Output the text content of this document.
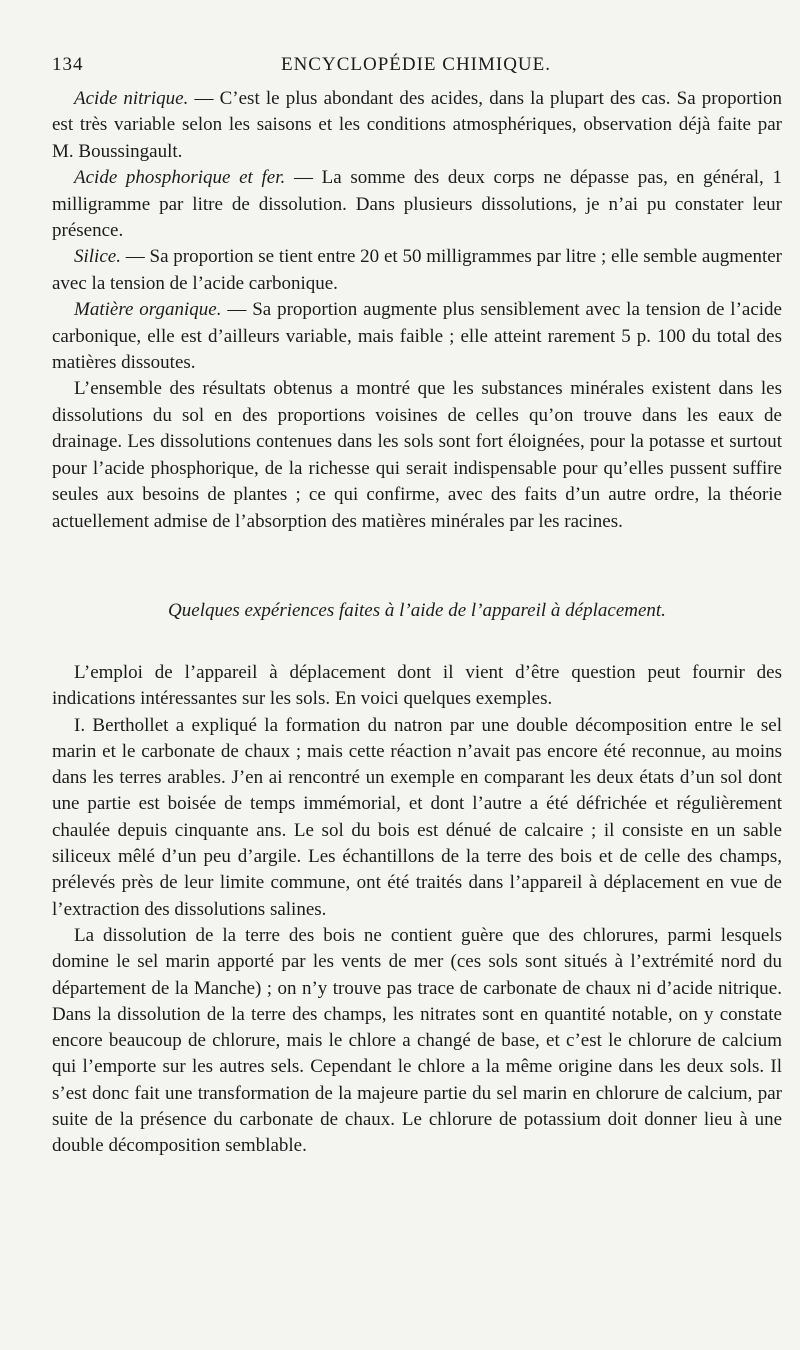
134	ENCYCLOPÉDIE CHIMIQUE.

Acide nitrique. — C’est le plus abondant des acides, dans la plupart des cas. Sa proportion est très variable selon les saisons et les conditions atmosphériques, observation déjà faite par M. Boussingault.

Acide phosphorique et fer. — La somme des deux corps ne dépasse pas, en général, 1 milligramme par litre de dissolution. Dans plusieurs dissolutions, je n’ai pu constater leur présence.

Silice. — Sa proportion se tient entre 20 et 50 milligrammes par litre ; elle semble augmenter avec la tension de l’acide carbonique.

Matière organique. — Sa proportion augmente plus sensiblement avec la tension de l’acide carbonique, elle est d’ailleurs variable, mais faible ; elle atteint rarement 5 p. 100 du total des matières dissoutes.

L’ensemble des résultats obtenus a montré que les substances minérales existent dans les dissolutions du sol en des proportions voisines de celles qu’on trouve dans les eaux de drainage. Les dissolutions contenues dans les sols sont fort éloignées, pour la potasse et surtout pour l’acide phosphorique, de la richesse qui serait indispensable pour qu’elles pussent suffire seules aux besoins de plantes ; ce qui confirme, avec des faits d’un autre ordre, la théorie actuellement admise de l’absorption des matières minérales par les racines.

Quelques expériences faites à l’aide de l’appareil à déplacement.

L’emploi de l’appareil à déplacement dont il vient d’être question peut fournir des indications intéressantes sur les sols. En voici quelques exemples.

I. Berthollet a expliqué la formation du natron par une double décomposition entre le sel marin et le carbonate de chaux ; mais cette réaction n’avait pas encore été reconnue, au moins dans les terres arables. J’en ai rencontré un exemple en comparant les deux états d’un sol dont une partie est boisée de temps immémorial, et dont l’autre a été défrichée et régulièrement chaulée depuis cinquante ans. Le sol du bois est dénué de calcaire ; il consiste en un sable siliceux mêlé d’un peu d’argile. Les échantillons de la terre des bois et de celle des champs, prélevés près de leur limite commune, ont été traités dans l’appareil à déplacement en vue de l’extraction des dissolutions salines.

La dissolution de la terre des bois ne contient guère que des chlorures, parmi lesquels domine le sel marin apporté par les vents de mer (ces sols sont situés à l’extrémité nord du département de la Manche) ; on n’y trouve pas trace de carbonate de chaux ni d’acide nitrique. Dans la dissolution de la terre des champs, les nitrates sont en quantité notable, on y constate encore beaucoup de chlorure, mais le chlore a changé de base, et c’est le chlorure de calcium qui l’emporte sur les autres sels. Cependant le chlore a la même origine dans les deux sols. Il s’est donc fait une transformation de la majeure partie du sel marin en chlorure de calcium, par suite de la présence du carbonate de chaux. Le chlorure de potassium doit donner lieu à une double décomposition semblable.
